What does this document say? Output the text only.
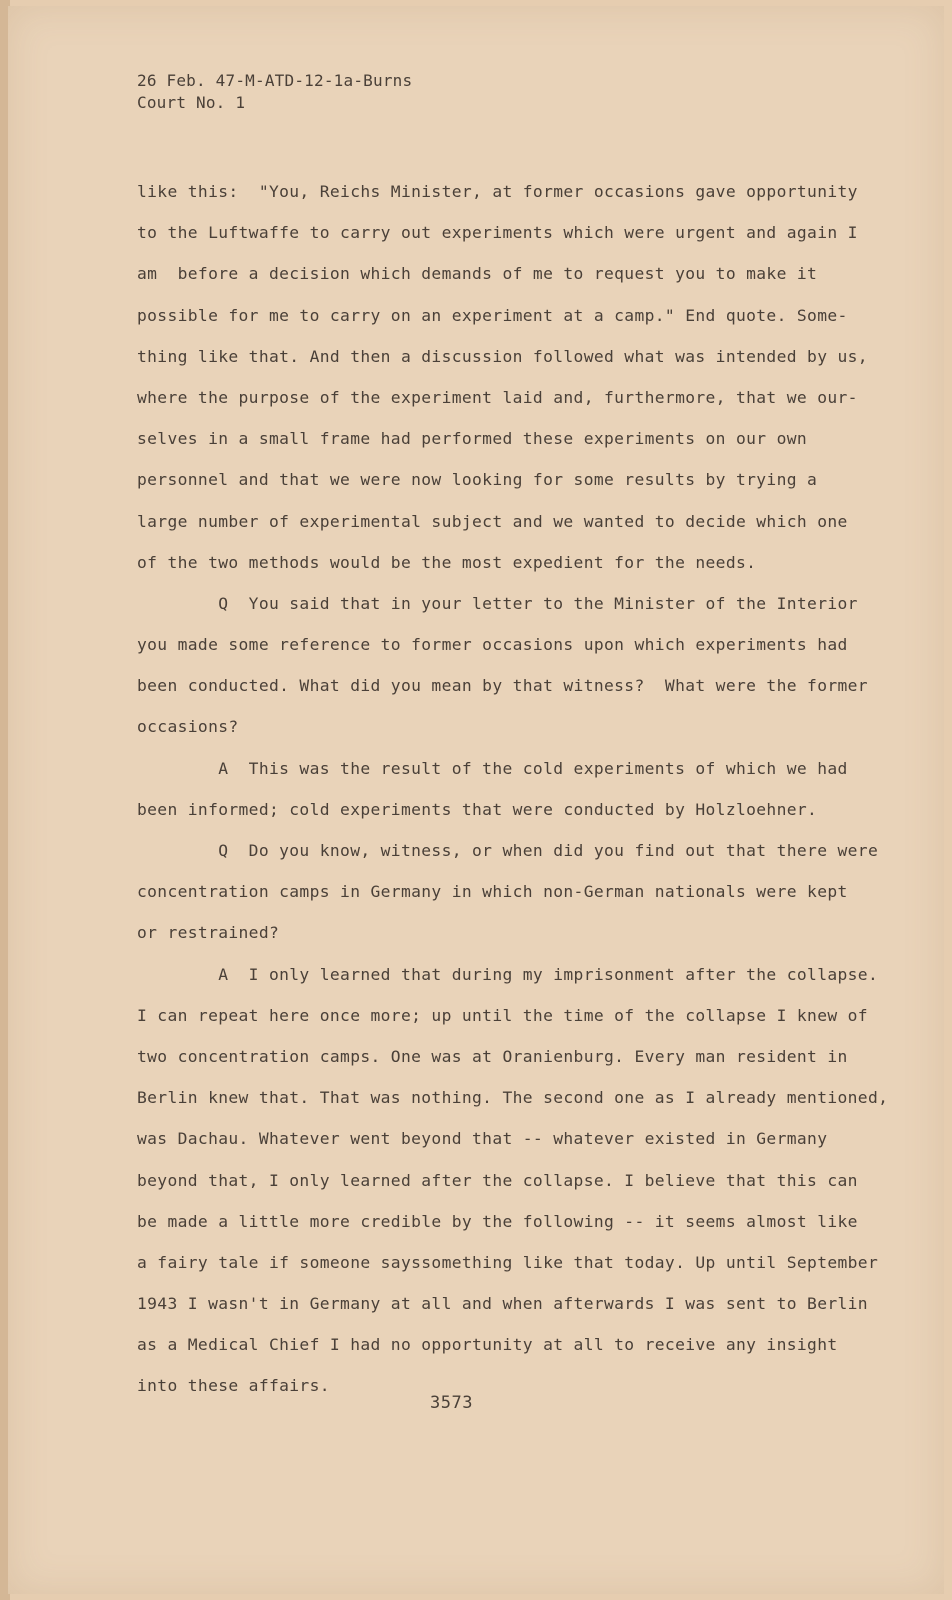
26 Feb. 47-M-ATD-12-1a-Burns
Court No. 1
like this:  "You, Reichs Minister, at former occasions gave opportunity
to the Luftwaffe to carry out experiments which were urgent and again I
am  before a decision which demands of me to request you to make it
possible for me to carry on an experiment at a camp." End quote. Some-
thing like that. And then a discussion followed what was intended by us,
where the purpose of the experiment laid and, furthermore, that we our-
selves in a small frame had performed these experiments on our own
personnel and that we were now looking for some results by trying a
large number of experimental subject and we wanted to decide which one
of the two methods would be the most expedient for the needs.
Q  You said that in your letter to the Minister of the Interior
you made some reference to former occasions upon which experiments had
been conducted. What did you mean by that witness?  What were the former
occasions?
A  This was the result of the cold experiments of which we had
been informed; cold experiments that were conducted by Holzloehner.
Q  Do you know, witness, or when did you find out that there were
concentration camps in Germany in which non-German nationals were kept
or restrained?
A  I only learned that during my imprisonment after the collapse.
I can repeat here once more; up until the time of the collapse I knew of
two concentration camps. One was at Oranienburg. Every man resident in
Berlin knew that. That was nothing. The second one as I already mentioned,
was Dachau. Whatever went beyond that -- whatever existed in Germany
beyond that, I only learned after the collapse. I believe that this can
be made a little more credible by the following -- it seems almost like
a fairy tale if someone sayssomething like that today. Up until September
1943 I wasn't in Germany at all and when afterwards I was sent to Berlin
as a Medical Chief I had no opportunity at all to receive any insight
into these affairs.
3573
